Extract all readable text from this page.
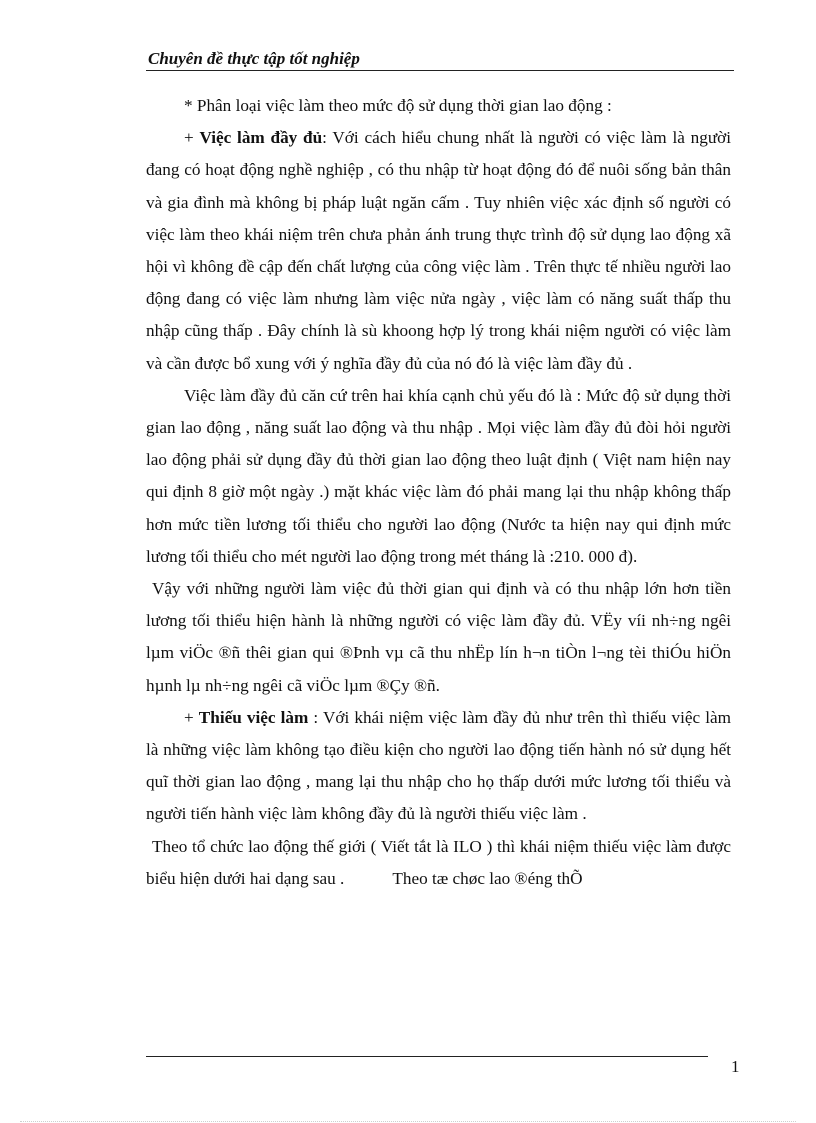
Chuyên đề thực tập tốt nghiệp

* Phân loại việc làm theo mức độ sử dụng thời gian lao động :

+ Việc làm đầy đủ: Với cách hiểu chung nhất là người có việc làm là người đang có hoạt động nghề nghiệp , có thu nhập từ hoạt động đó để nuôi sống bản thân và gia đình mà không bị pháp luật ngăn cấm . Tuy nhiên việc xác định số người có việc làm theo khái niệm trên chưa phản ánh trung thực trình độ sử dụng lao động xã hội vì không đề cập đến chất lượng của công việc làm . Trên thực tế nhiều người lao động đang có việc làm nhưng làm việc nửa ngày , việc làm có năng suất thấp thu nhập cũng thấp . Đây chính là sù khoong hợp lý trong khái niệm người có việc làm và cần được bổ xung với ý nghĩa đầy đủ của nó đó là việc làm đầy đủ .

Việc làm đầy đủ căn cứ trên hai khía cạnh chủ yếu đó là : Mức độ sử dụng thời gian lao động , năng suất lao động và thu nhập . Mọi việc làm đầy đủ đòi hỏi người lao động phải sử dụng đầy đủ thời gian lao động theo luật định ( Việt nam hiện nay qui định 8 giờ một ngày .) mặt khác việc làm đó phải mang lại thu nhập không thấp hơn mức tiền lương tối thiểu cho người lao động (Nước ta hiện nay qui định mức lương tối thiểu cho mét người lao động trong mét tháng là :210. 000 đ).

Vậy với những người làm việc đủ thời gian qui định và có thu nhập lớn hơn tiền lương tối thiểu hiện hành là những người có việc làm đầy đủ. VËy víi nh÷ng ngêi lµm viÖc ®ñ thêi gian qui ®Þnh vµ cã thu nhËp lín h¬n tiÒn l¬ng tèi thiÓu hiÖn hµnh lµ nh÷ng ngêi cã viÖc lµm ®Çy ®ñ.

+ Thiếu việc làm : Với khái niệm việc làm đầy đủ như trên thì thiếu việc làm là những việc làm không tạo điều kiện cho người lao động tiến hành nó sử dụng hết quĩ thời gian lao động , mang lại thu nhập cho họ thấp dưới mức lương tối thiểu và người tiến hành việc làm không đầy đủ là người thiếu việc làm .

Theo tổ chức lao động thế giới ( Viết tắt là ILO ) thì khái niệm thiếu việc làm được biểu hiện dưới hai dạng sau .	Theo tæ chøc lao ®éng thÕ

1
